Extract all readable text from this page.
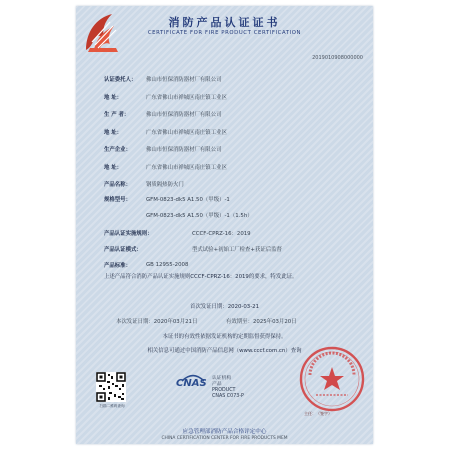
消防产品认证证书
CERTIFICATE FOR FIRE PRODUCT CERTIFICATION
2019010908000000
认证委托人：	佛山市恒保消防器材厂有限公司
地 址：	广东省佛山市禅城区南庄镇工业区
生 产 者：	佛山市恒保消防器材厂有限公司
地 址：	广东省佛山市禅城区南庄镇工业区
生产企业：	佛山市恒保消防器材厂有限公司
地 址：	广东省佛山市禅城区南庄镇工业区
产品名称：	钢质隔热防火门
规格型号：	GFM-0823-dk5 A1.50（甲级）-1
GFM-0823-dk5 A1.50（甲级）-1（1.5h）
产品认证实施规则：	CCCF-CPRZ-16：2019
产品认证模式：	型式试验+初始工厂检查+获证后监督
产品标准：	GB 12955-2008
上述产品符合消防产品认证实施规则CCCF-CPRZ-16：2019的要求，特发此证。
首次发证日期：2020-03-21
本次发证日期：2020年03月21日	有效期至：2025年03月20日
本证书的有效性依据发证机构的定期监督获得保持。
相关信息可通过中国消防产品信息网（www.cccf.com.cn）查询
扫描二维码查询
CNAS 认证机构
产品
PRODUCT
CNAS C073-P
主任：（签字）
应急管理部消防产品合格评定中心
CHINA CERTIFICATION CENTER FOR FIRE PRODUCTS MEM
